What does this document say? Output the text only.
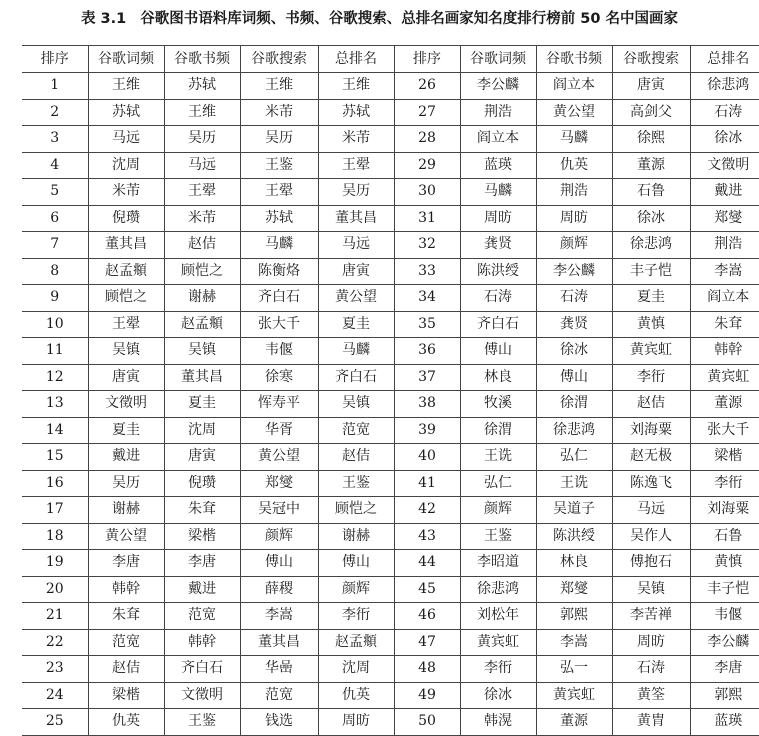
表 3.1 谷歌图书语料库词频、书频、谷歌搜索、总排名画家知名度排行榜前 50 名中国画家
排序	谷歌词频	谷歌书频	谷歌搜索	总排名	排序	谷歌词频	谷歌书频	谷歌搜索	总排名
1	王维	苏轼	王维	王维	26	李公麟	阎立本	唐寅	徐悲鸿
2	苏轼	王维	米芾	苏轼	27	荆浩	黄公望	高剑父	石涛
3	马远	吴历	吴历	米芾	28	阎立本	马麟	徐熙	徐冰
4	沈周	马远	王鉴	王翚	29	蓝瑛	仇英	董源	文徵明
5	米芾	王翚	王翚	吴历	30	马麟	荆浩	石鲁	戴进
6	倪瓒	米芾	苏轼	董其昌	31	周昉	周昉	徐冰	郑燮
7	董其昌	赵佶	马麟	马远	32	龚贤	颜辉	徐悲鸿	荆浩
8	赵孟頫	顾恺之	陈衡烙	唐寅	33	陈洪绶	李公麟	丰子恺	李嵩
9	顾恺之	谢赫	齐白石	黄公望	34	石涛	石涛	夏圭	阎立本
10	王翚	赵孟頫	张大千	夏圭	35	齐白石	龚贤	黄慎	朱耷
11	吴镇	吴镇	韦偃	马麟	36	傅山	徐冰	黄宾虹	韩幹
12	唐寅	董其昌	徐寒	齐白石	37	林良	傅山	李衎	黄宾虹
13	文徵明	夏圭	恽寿平	吴镇	38	牧溪	徐渭	赵佶	董源
14	夏圭	沈周	华胥	范宽	39	徐渭	徐悲鸿	刘海粟	张大千
15	戴进	唐寅	黄公望	赵佶	40	王诜	弘仁	赵无极	梁楷
16	吴历	倪瓒	郑燮	王鉴	41	弘仁	王诜	陈逸飞	李衎
17	谢赫	朱耷	吴冠中	顾恺之	42	颜辉	吴道子	马远	刘海粟
18	黄公望	梁楷	颜辉	谢赫	43	王鉴	陈洪绶	吴作人	石鲁
19	李唐	李唐	傅山	傅山	44	李昭道	林良	傅抱石	黄慎
20	韩幹	戴进	薛稷	颜辉	45	徐悲鸿	郑燮	吴镇	丰子恺
21	朱耷	范宽	李嵩	李衎	46	刘松年	郭熙	李苦禅	韦偃
22	范宽	韩幹	董其昌	赵孟頫	47	黄宾虹	李嵩	周昉	李公麟
23	赵佶	齐白石	华喦	沈周	48	李衎	弘一	石涛	李唐
24	梁楷	文徵明	范宽	仇英	49	徐冰	黄宾虹	黄筌	郭熙
25	仇英	王鉴	钱选	周昉	50	韩滉	董源	黄胄	蓝瑛
